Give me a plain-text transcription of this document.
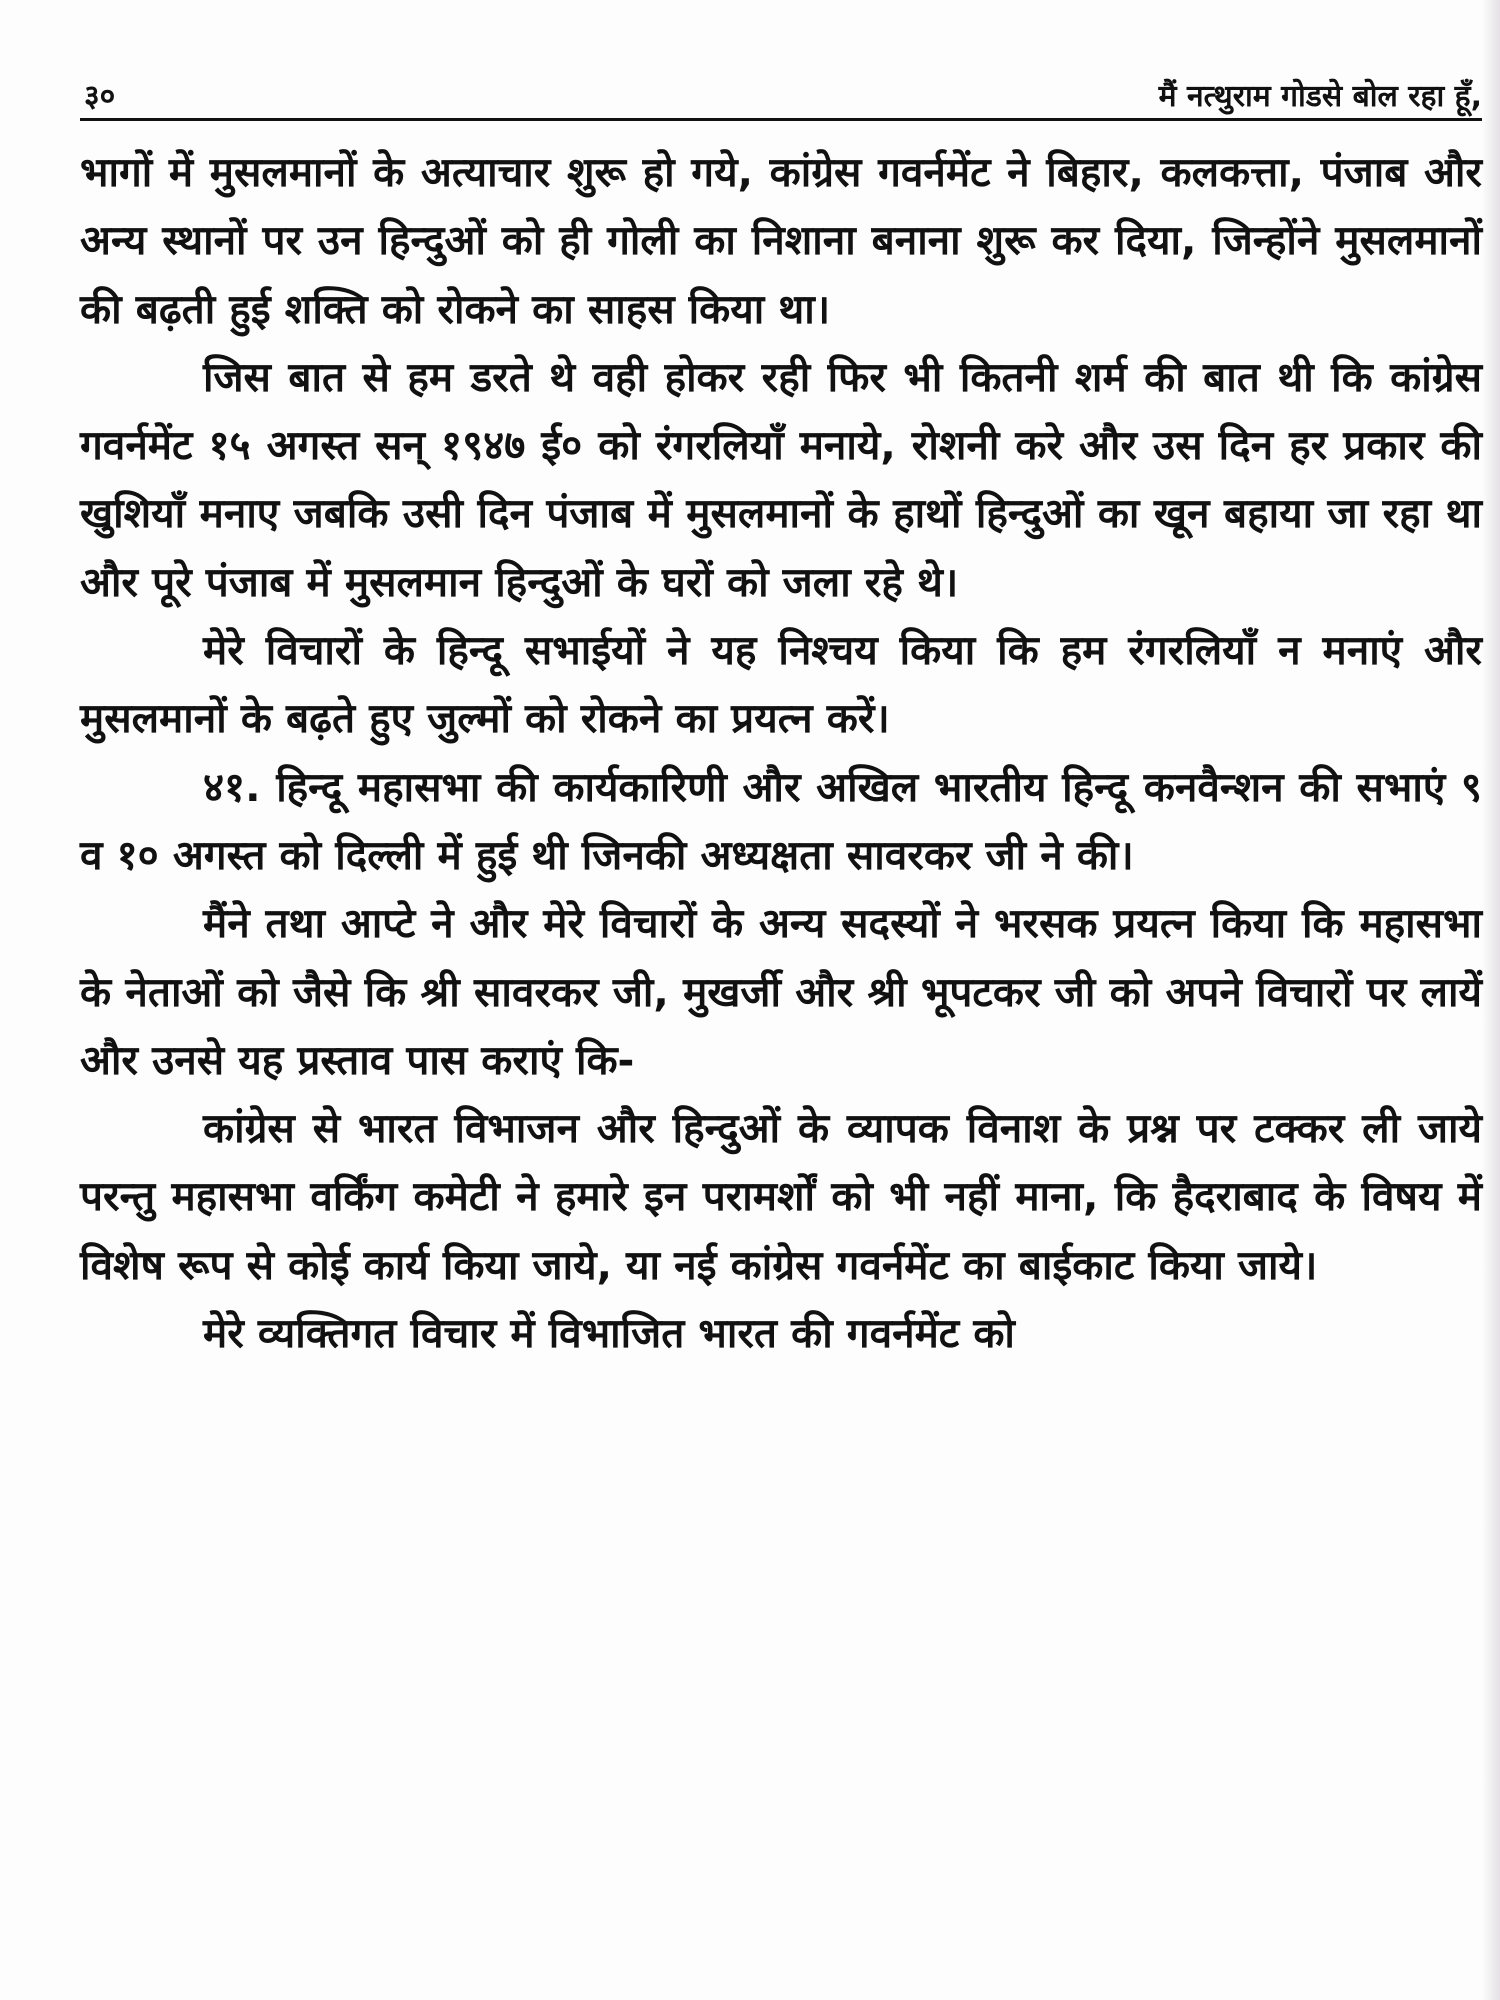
३०	मैं नत्थुराम गोडसे बोल रहा हूँ,

भागों में मुसलमानों के अत्याचार शुरू हो गये, कांग्रेस गवर्नमेंट ने बिहार, कलकत्ता, पंजाब और अन्य स्थानों पर उन हिन्दुओं को ही गोली का निशाना बनाना शुरू कर दिया, जिन्होंने मुसलमानों की बढ़ती हुई शक्ति को रोकने का साहस किया था।

जिस बात से हम डरते थे वही होकर रही फिर भी कितनी शर्म की बात थी कि कांग्रेस गवर्नमेंट १५ अगस्त सन् १९४७ ई० को रंगरलियाँ मनाये, रोशनी करे और उस दिन हर प्रकार की खुशियाँ मनाए जबकि उसी दिन पंजाब में मुसलमानों के हाथों हिन्दुओं का खून बहाया जा रहा था और पूरे पंजाब में मुसलमान हिन्दुओं के घरों को जला रहे थे।

मेरे विचारों के हिन्दू सभाईयों ने यह निश्चय किया कि हम रंगरलियाँ न मनाएं और मुसलमानों के बढ़ते हुए जुल्मों को रोकने का प्रयत्न करें।

४१. हिन्दू महासभा की कार्यकारिणी और अखिल भारतीय हिन्दू कनवैन्शन की सभाएं ९ व १० अगस्त को दिल्ली में हुई थी जिनकी अध्यक्षता सावरकर जी ने की।

मैंने तथा आप्टे ने और मेरे विचारों के अन्य सदस्यों ने भरसक प्रयत्न किया कि महासभा के नेताओं को जैसे कि श्री सावरकर जी, मुखर्जी और श्री भूपटकर जी को अपने विचारों पर लायें और उनसे यह प्रस्ताव पास कराएं कि-

कांग्रेस से भारत विभाजन और हिन्दुओं के व्यापक विनाश के प्रश्न पर टक्कर ली जाये परन्तु महासभा वर्किंग कमेटी ने हमारे इन परामर्शों को भी नहीं माना, कि हैदराबाद के विषय में विशेष रूप से कोई कार्य किया जाये, या नई कांग्रेस गवर्नमेंट का बाईकाट किया जाये।

मेरे व्यक्तिगत विचार में विभाजित भारत की गवर्नमेंट को
